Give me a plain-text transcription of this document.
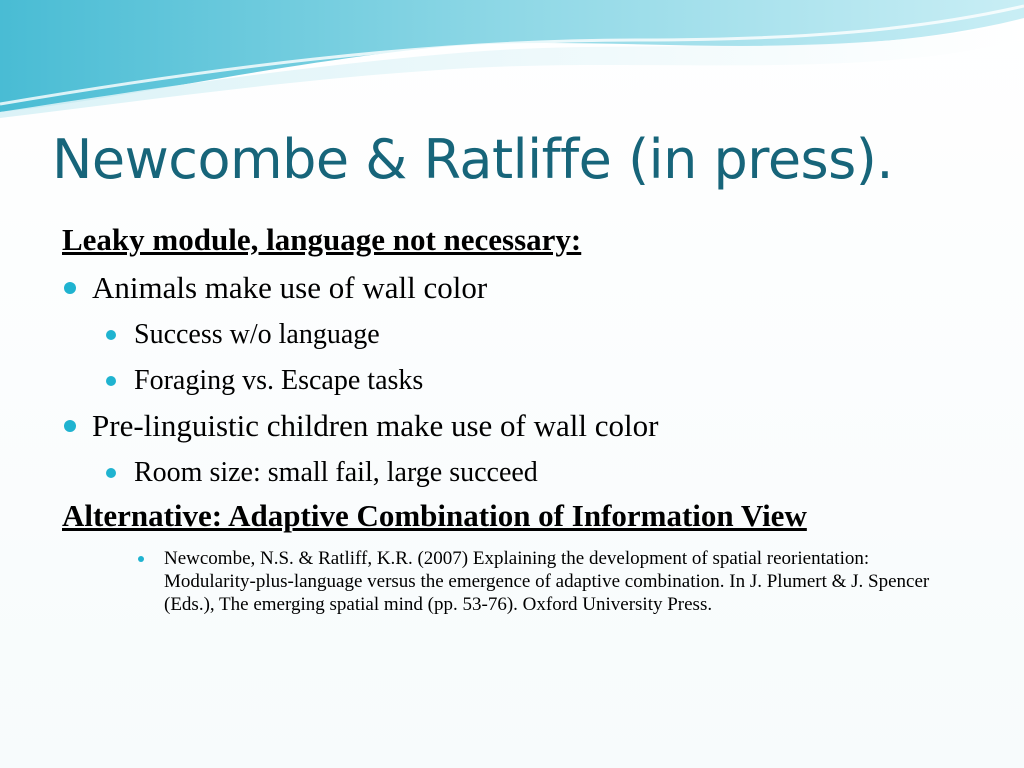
Newcombe & Ratliffe (in press).
Leaky module, language not necessary:
Animals make use of wall color
Success w/o language
Foraging vs. Escape tasks
Pre-linguistic children make use of wall color
Room size: small fail, large succeed
Alternative: Adaptive Combination of Information View
Newcombe, N.S. & Ratliff, K.R. (2007) Explaining the development of spatial reorientation: Modularity-plus-language versus the emergence of adaptive combination. In J. Plumert & J. Spencer (Eds.), The emerging spatial mind (pp. 53-76). Oxford University Press.
